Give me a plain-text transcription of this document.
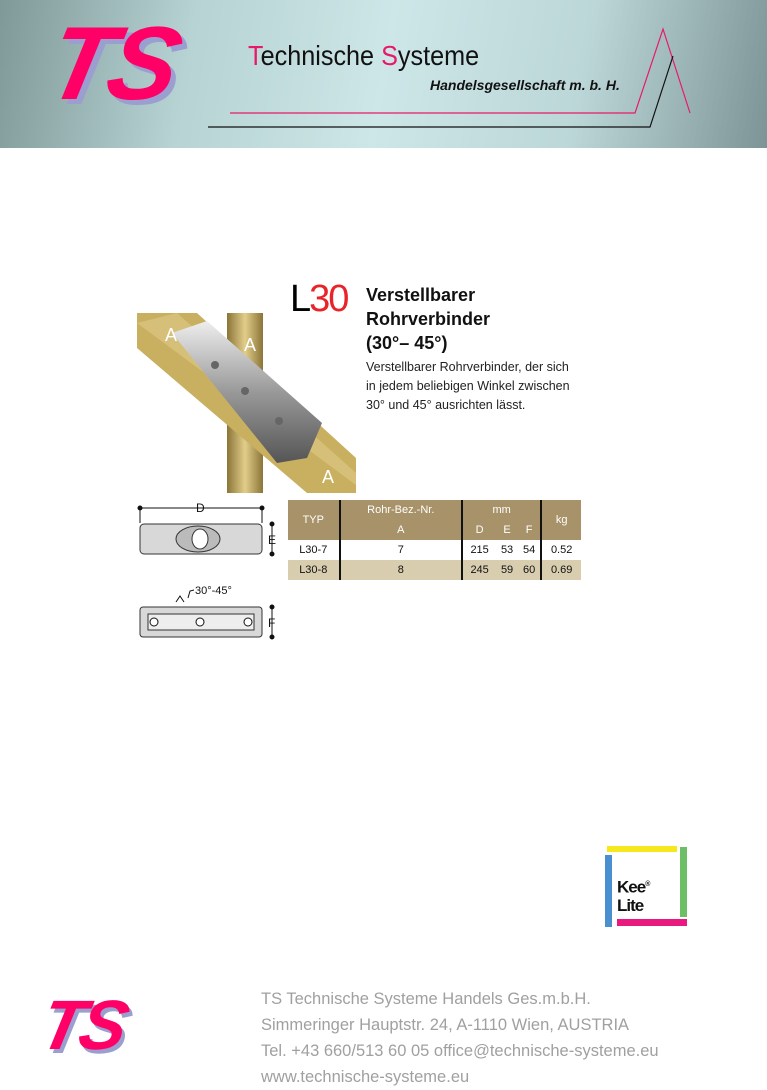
TS Technische Systeme
Handelsgesellschaft m. b. H.
L30 Verstellbarer
Rohrverbinder
(30°– 45°)
Verstellbarer Rohrverbinder, der sich
in jedem beliebigen Winkel zwischen
30° und 45° ausrichten lässt.
A	A
A
D
E
F
30°-45°
TYP	Rohr-Bez.-Nr.	mm			kg
	A	D	E	F	
L30-7	7	215	53	54	0.52
L30-8	8	245	59	60	0.69
Kee®
Lite
TS	TS Technische Systeme Handels Ges.m.b.H.
Simmeringer Hauptstr. 24, A-1110 Wien, AUSTRIA
Tel. +43 660/513 60 05 office@technische-systeme.eu
www.technische-systeme.eu
